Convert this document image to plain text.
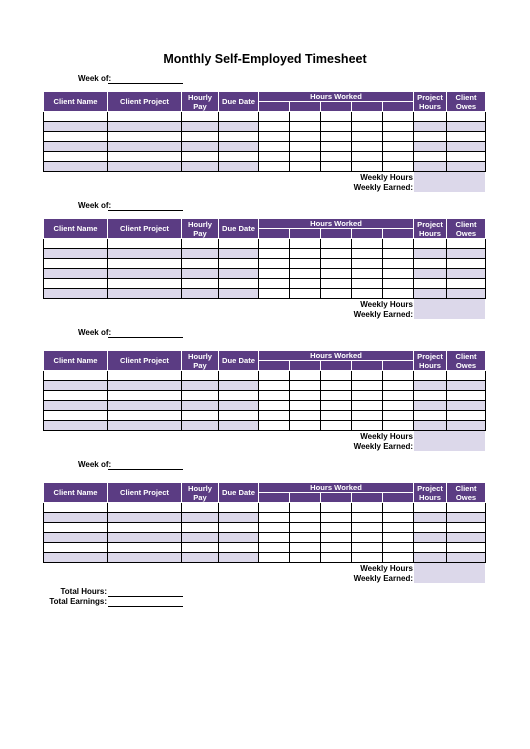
Monthly Self-Employed Timesheet
Week of:
Client Name	Client Project	Hourly Pay	Due Date	Hours Worked					Project Hours	Client Owes

Weekly Hours
Weekly Earned:
Week of:
Client Name	Client Project	Hourly Pay	Due Date	Hours Worked					Project Hours	Client Owes

Weekly Hours
Weekly Earned:
Week of:
Client Name	Client Project	Hourly Pay	Due Date	Hours Worked					Project Hours	Client Owes

Weekly Hours
Weekly Earned:
Week of:
Client Name	Client Project	Hourly Pay	Due Date	Hours Worked					Project Hours	Client Owes

Weekly Hours
Weekly Earned:
Total Hours:
Total Earnings:
